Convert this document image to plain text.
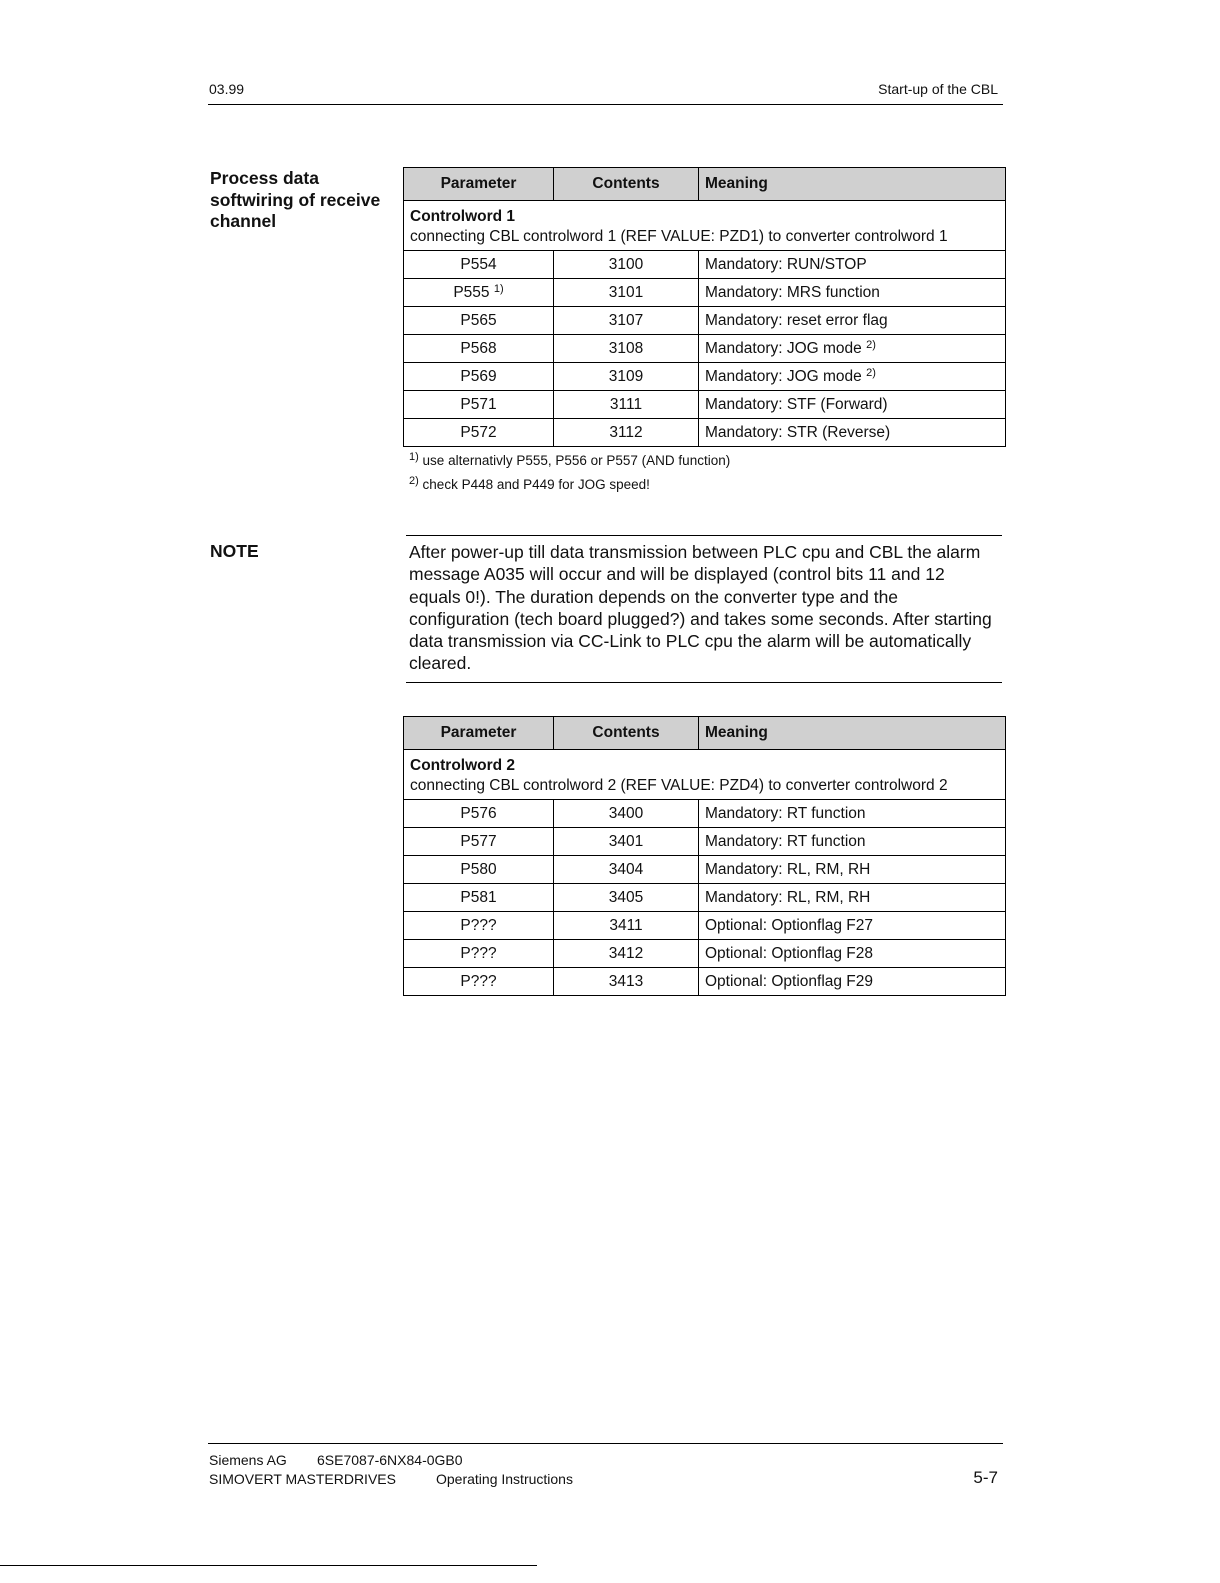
03.99	Start-up of the CBL
Process data softwiring of receive channel
Parameter	Contents	Meaning
Controlword 1
connecting CBL controlword 1 (REF VALUE: PZD1) to converter controlword 1		
P554	3100	Mandatory: RUN/STOP
P555 $^{1)}$	3101	Mandatory: MRS function
P565	3107	Mandatory: reset error flag
P568	3108	Mandatory: JOG mode $^{2)}$
P569	3109	Mandatory: JOG mode $^{2)}$
P571	3111	Mandatory: STF (Forward)
P572	3112	Mandatory: STR (Reverse)
$^{1)}$ use alternativly P555, P556 or P557 (AND function)
$^{2)}$ check P448 and P449 for JOG speed!
NOTE	After power-up till data transmission between PLC cpu and CBL the alarm message A035 will occur and will be displayed (control bits 11 and 12 equals 0!). The duration depends on the converter type and the configuration (tech board plugged?) and takes some seconds. After starting data transmission via CC-Link to PLC cpu the alarm will be automatically cleared.
Parameter	Contents	Meaning
Controlword 2
connecting CBL controlword 2 (REF VALUE: PZD4) to converter controlword 2		
P576	3400	Mandatory: RT function
P577	3401	Mandatory: RT function
P580	3404	Mandatory: RL, RM, RH
P581	3405	Mandatory: RL, RM, RH
P???	3411	Optional: Optionflag F27
P???	3412	Optional: Optionflag F28
P???	3413	Optional: Optionflag F29
Siemens AG 6SE7087-6NX84-0GB0
SIMOVERT MASTERDRIVES	Operating Instructions	5-7
